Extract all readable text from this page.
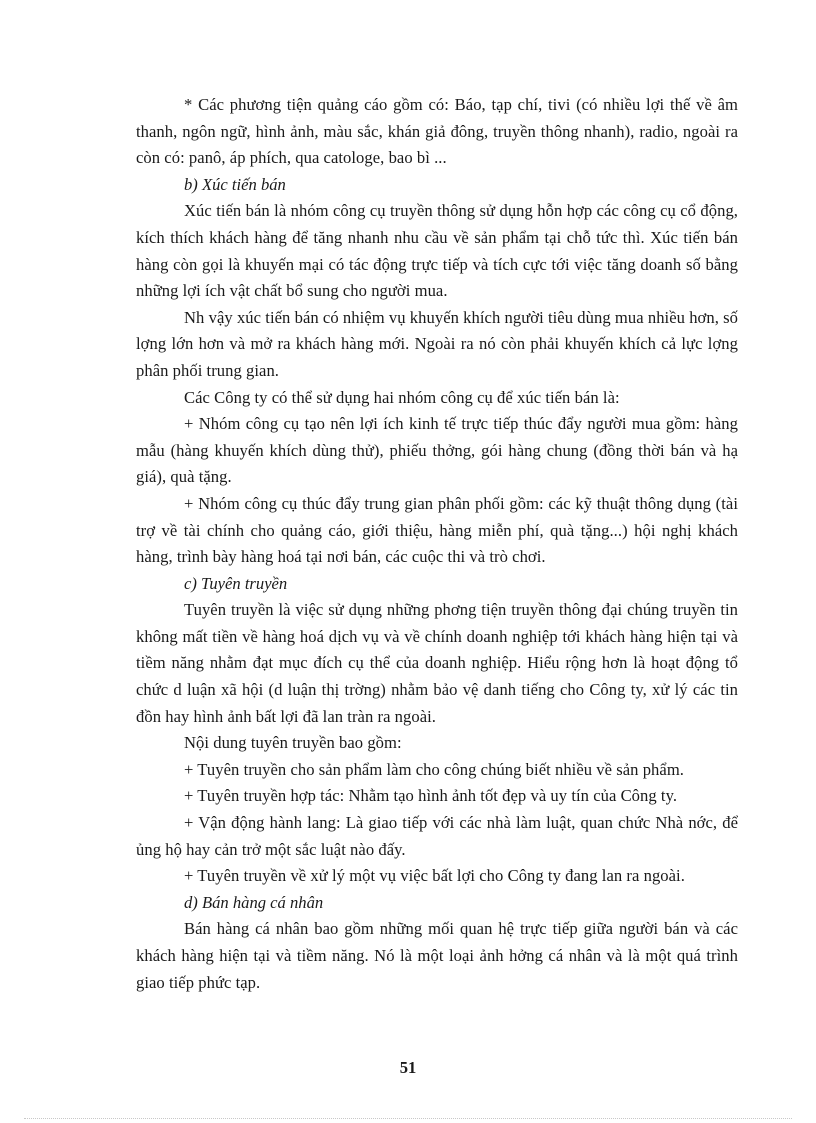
* Các phương tiện quảng cáo gồm có: Báo, tạp chí, tivi (có nhiều lợi thế về âm thanh, ngôn ngữ, hình ảnh, màu sắc, khán giả đông, truyền thông nhanh), radio, ngoài ra còn có: panô, áp phích, qua catologe, bao bì ...

b) Xúc tiến bán

Xúc tiến bán là nhóm công cụ truyền thông sử dụng hỗn hợp các công cụ cổ động, kích thích khách hàng để tăng nhanh nhu cầu về sản phẩm tại chỗ tức thì. Xúc tiến bán hàng còn gọi là khuyến mại có tác động trực tiếp và tích cực tới việc tăng doanh số bằng những lợi ích vật chất bổ sung cho người mua.

Nh vậy xúc tiến bán có nhiệm vụ khuyến khích người tiêu dùng mua nhiều hơn, số lợng lớn hơn và mở ra khách hàng mới. Ngoài ra nó còn phải khuyến khích cả lực lợng phân phối trung gian.

Các Công ty có thể sử dụng hai nhóm công cụ để xúc tiến bán là:

+ Nhóm công cụ tạo nên lợi ích kinh tế trực tiếp thúc đẩy người mua gồm: hàng mẫu (hàng khuyến khích dùng thử), phiếu thởng, gói hàng chung (đồng thời bán và hạ giá), quà tặng.

+ Nhóm công cụ thúc đẩy trung gian phân phối gồm: các kỹ thuật thông dụng (tài trợ về tài chính cho quảng cáo, giới thiệu, hàng miễn phí, quà tặng...) hội nghị khách hàng, trình bày hàng hoá tại nơi bán, các cuộc thi và trò chơi.

c) Tuyên truyền

Tuyên truyền là việc sử dụng những phơng tiện truyền thông đại chúng truyền tin không mất tiền về hàng hoá dịch vụ và về chính doanh nghiệp tới khách hàng hiện tại và tiềm năng nhằm đạt mục đích cụ thể của doanh nghiệp. Hiểu rộng hơn là hoạt động tổ chức d luận xã hội (d luận thị trờng) nhằm bảo vệ danh tiếng cho Công ty, xử lý các tin đồn hay hình ảnh bất lợi đã lan tràn ra ngoài.

Nội dung tuyên truyền bao gồm:

+ Tuyên truyền cho sản phẩm làm cho công chúng biết nhiều về sản phẩm.

+ Tuyên truyền hợp tác: Nhằm tạo hình ảnh tốt đẹp và uy tín của Công ty.

+ Vận động hành lang: Là giao tiếp với các nhà làm luật, quan chức Nhà nớc, để ủng hộ hay cản trở một sắc luật nào đấy.

+ Tuyên truyền về xử lý một vụ việc bất lợi cho Công ty đang lan ra ngoài.

d) Bán hàng cá nhân

Bán hàng cá nhân bao gồm những mối quan hệ trực tiếp giữa người bán và các khách hàng hiện tại và tiềm năng. Nó là một loại ảnh hởng cá nhân và là một quá trình giao tiếp phức tạp.

51
